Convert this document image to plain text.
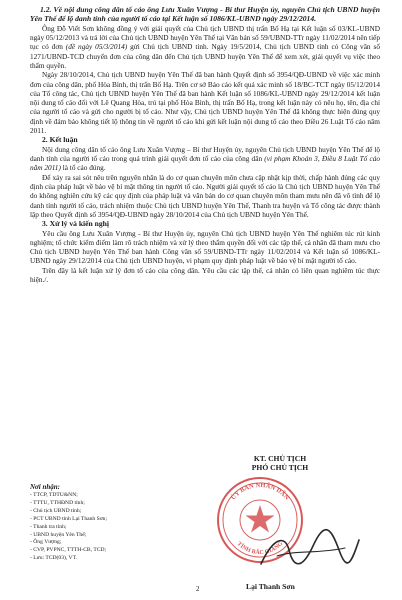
1.2. Về nội dung công dân tố cáo ông Lưu Xuân Vượng - Bí thư Huyện ủy, nguyên Chủ tịch UBND huyện Yên Thế để lộ danh tính của người tố cáo tại Kết luận số 1086/KL-UBND ngày 29/12/2014.

Ông Đỗ Viết Sơn không đồng ý với giải quyết của Chủ tịch UBND thị trấn Bố Hạ tại Kết luận số 03/KL-UBND ngày 05/12/2013 và trả lời của Chủ tịch UBND huyện Yên Thế tại Văn bản số 59/UBND-TTr ngày 11/02/2014 nên tiếp tục có đơn (đề ngày 05/3/2014) gửi Chủ tịch UBND tỉnh. Ngày 19/5/2014, Chủ tịch UBND tỉnh có Công văn số 1271/UBND-TCD chuyển đơn của công dân đến Chủ tịch UBND huyện Yên Thế để xem xét, giải quyết vụ việc theo thẩm quyền.

Ngày 28/10/2014, Chủ tịch UBND huyện Yên Thế đã ban hành Quyết định số 3954/QĐ-UBND về việc xác minh đơn của công dân, phố Hòa Bình, thị trấn Bố Hạ. Trên cơ sở Báo cáo kết quả xác minh số 18/BC-TCT ngày 05/12/2014 của Tổ công tác, Chủ tịch UBND huyện Yên Thế đã ban hành Kết luận số 1086/KL-UBND ngày 29/12/2014 kết luận nội dung tố cáo đối với Lê Quang Hòa, trú tại phố Hòa Bình, thị trấn Bố Hạ, trong kết luận này có nêu họ, tên, địa chỉ của người tố cáo và gửi cho người bị tố cáo. Như vậy, Chủ tịch UBND huyện Yên Thế đã không thực hiện đúng quy định về đảm bảo không tiết lộ thông tin về người tố cáo khi gửi kết luận nội dung tố cáo theo Điều 26 Luật Tố cáo năm 2011.

2. Kết luận

Nội dung công dân tố cáo ông Lưu Xuân Vượng – Bí thư Huyện ủy, nguyên Chủ tịch UBND huyện Yên Thế để lộ danh tính của người tố cáo trong quá trình giải quyết đơn tố cáo của công dân (vi phạm Khoản 3, Điều 8 Luật Tố cáo năm 2011) là tố cáo đúng.

Để xảy ra sai sót nêu trên nguyên nhân là do cơ quan chuyên môn chưa cập nhật kịp thời, chấp hành đúng các quy định của pháp luật về bảo vệ bí mật thông tin người tố cáo. Người giải quyết tố cáo là Chủ tịch UBND huyện Yên Thế do không nghiên cứu kỹ các quy định của pháp luật và văn bản do cơ quan chuyên môn tham mưu nên đã vô tình để lộ danh tính người tố cáo, trách nhiệm thuộc Chủ tịch UBND huyện Yên Thế, Thanh tra huyện và Tổ công tác được thành lập theo Quyết định số 3954/QĐ-UBND ngày 28/10/2014 của Chủ tịch UBND huyện Yên Thế.

3. Xử lý và kiến nghị

Yêu cầu ông Lưu Xuân Vượng - Bí thư Huyện ủy, nguyên Chủ tịch UBND huyện Yên Thế nghiêm túc rút kinh nghiệm; tổ chức kiểm điểm làm rõ trách nhiệm và xử lý theo thẩm quyền đối với các tập thể, cá nhân đã tham mưu cho Chủ tịch UBND huyện Yên Thế ban hành Công văn số 59/UBND-TTr ngày 11/02/2014 và Kết luận số 1086/KL-UBND ngày 29/12/2014 của Chủ tịch UBND huyện, vi phạm quy định pháp luật về bảo vệ bí mật người tố cáo.

Trên đây là kết luận xử lý đơn tố cáo của công dân. Yêu cầu các tập thể, cá nhân có liên quan nghiêm túc thực hiện./.

Nơi nhận:
- TTCP, TDTU&NN;
- TTTU, TTHĐND tỉnh;
- Chủ tịch UBND tỉnh;
- PCT UBND tỉnh Lại Thanh Sơn;
- Thanh tra tỉnh;
- UBND huyện Yên Thế;
- Ông Vượng;
- CVP, PVPNC, TTTH-CB, TCD;
- Lưu: TCD(03), VT.
KT. CHỦ TỊCH
PHÓ CHỦ TỊCH
ỦY BAN NHÂN DÂN
TỈNH BẮC GIANG
Lại Thanh Sơn
2
